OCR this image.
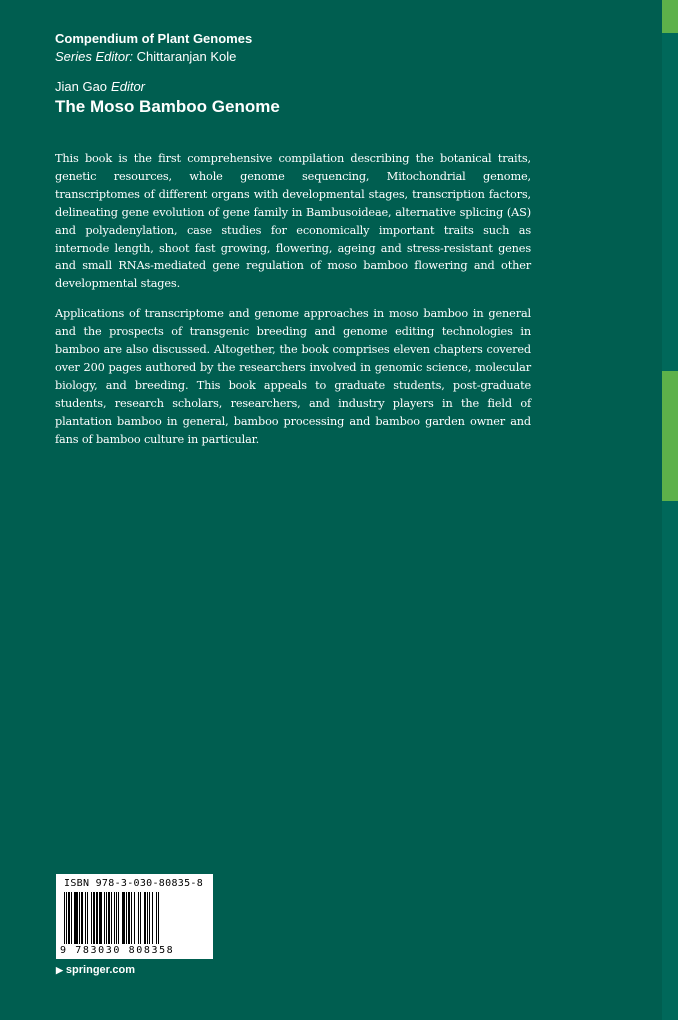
Compendium of Plant Genomes
Series Editor: Chittaranjan Kole
Jian Gao Editor
The Moso Bamboo Genome

This book is the first comprehensive compilation describing the botanical traits, genetic resources, whole genome sequencing, Mitochondrial genome, transcriptomes of different organs with developmental stages, transcription factors, delineating gene evolution of gene family in Bambusoideae, alternative splicing (AS) and polyadenylation, case studies for economically important traits such as internode length, shoot fast growing, flowering, ageing and stress-resistant genes and small RNAs-mediated gene regulation of moso bamboo flowering and other developmental stages.

Applications of transcriptome and genome approaches in moso bamboo in general and the prospects of transgenic breeding and genome editing technologies in bamboo are also discussed. Altogether, the book comprises eleven chapters covered over 200 pages authored by the researchers involved in genomic science, molecular biology, and breeding. This book appeals to graduate students, post-graduate students, research scholars, researchers, and industry players in the field of plantation bamboo in general, bamboo processing and bamboo garden owner and fans of bamboo culture in particular.

ISBN 978-3-030-80835-8
9 783030 808358
▶ springer.com
